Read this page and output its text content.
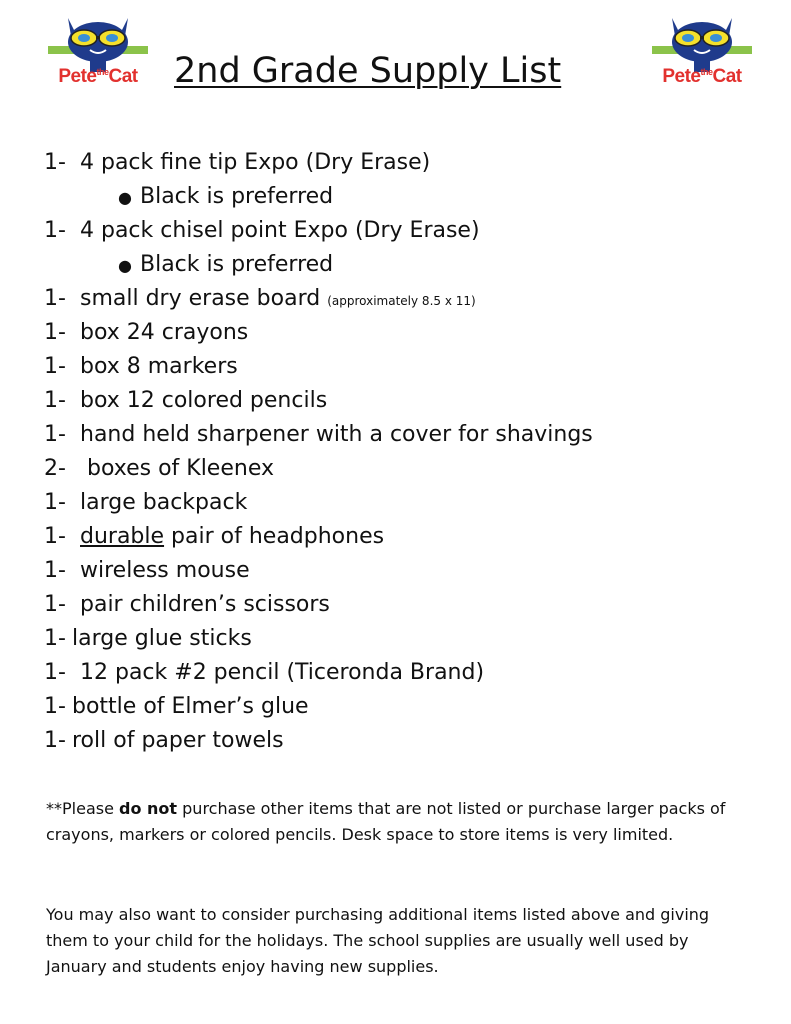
Pete$^{the}$Cat	Pete$^{the}$Cat
2nd Grade Supply List
1- 4 pack fine tip Expo (Dry Erase)
● Black is preferred
1- 4 pack chisel point Expo (Dry Erase)
● Black is preferred
1- small dry erase board (approximately 8.5 x 11)
1- box 24 crayons
1- box 8 markers
1- box 12 colored pencils
1- hand held sharpener with a cover for shavings
2- boxes of Kleenex
1- large backpack
1- durable pair of headphones
1- wireless mouse
1- pair children’s scissors
1- large glue sticks
1- 12 pack #2 pencil (Ticeronda Brand)
1- bottle of Elmer’s glue
1- roll of paper towels

**Please do not purchase other items that are not listed or purchase larger packs of crayons, markers or colored pencils. Desk space to store items is very limited.

You may also want to consider purchasing additional items listed above and giving them to your child for the holidays. The school supplies are usually well used by January and students enjoy having new supplies.
